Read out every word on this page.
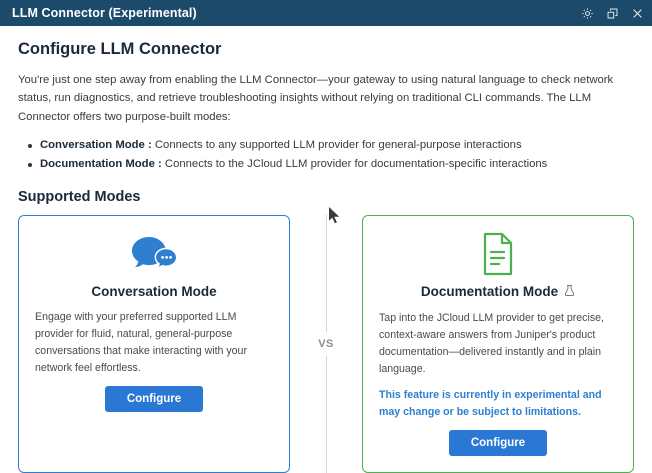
LLM Connector (Experimental)
Configure LLM Connector

You're just one step away from enabling the LLM Connector—your gateway to using natural language to check network status, run diagnostics, and retrieve troubleshooting insights without relying on traditional CLI commands. The LLM Connector offers two purpose-built modes:

Conversation Mode : Connects to any supported LLM provider for general-purpose interactions
Documentation Mode : Connects to the JCloud LLM provider for documentation-specific interactions
Supported Modes
Conversation Mode
Engage with your preferred supported LLM provider for fluid, natural, general-purpose conversations that make interacting with your network feel effortless.
Configure
VS
Documentation Mode
Tap into the JCloud LLM provider to get precise, context-aware answers from Juniper's product documentation—delivered instantly and in plain language.
This feature is currently in experimental and may change or be subject to limitations.
Configure
